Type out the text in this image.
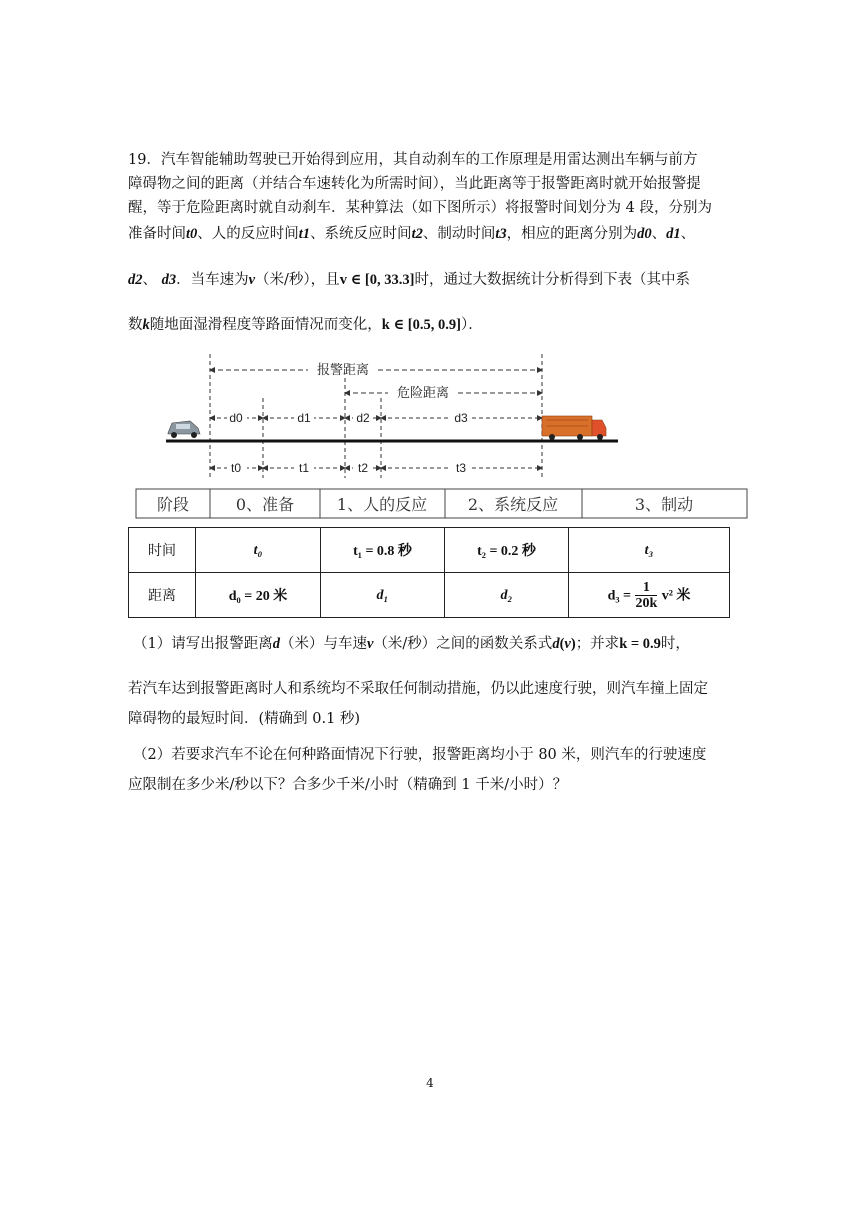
19．汽车智能辅助驾驶已开始得到应用，其自动刹车的工作原理是用雷达测出车辆与前方
障碍物之间的距离（并结合车速转化为所需时间），当此距离等于报警距离时就开始报警提
醒，等于危险距离时就自动刹车．某种算法（如下图所示）将报警时间划分为 4 段，分别为
准备时间t0、人的反应时间t1、系统反应时间t2、制动时间t3，相应的距离分别为d0、d1、
d2、 d3．当车速为v（米/秒），且v ∈ [0, 33.3]时，通过大数据统计分析得到下表（其中系
数k随地面湿滑程度等路面情况而变化，k ∈ [0.5, 0.9]）．
报警距离
危险距离
d0	d1	d2	d3
t0	t1	t2	t3
阶段	0、准备	1、人的反应	2、系统反应	3、制动
时间	t₀	t₁ = 0.8 秒	t₂ = 0.2 秒	t₃
距离	d₀ = 20 米	d₁	d₂	$d_3 = \frac{1}{20k} v^2$ 米
（1）请写出报警距离d（米）与车速v（米/秒）之间的函数关系式d(v)；并求k = 0.9时，
若汽车达到报警距离时人和系统均不采取任何制动措施，仍以此速度行驶，则汽车撞上固定
障碍物的最短时间．(精确到 0.1 秒)
（2）若要求汽车不论在何种路面情况下行驶，报警距离均小于 80 米，则汽车的行驶速度
应限制在多少米/秒以下？合多少千米/小时（精确到 1 千米/小时）？
4
